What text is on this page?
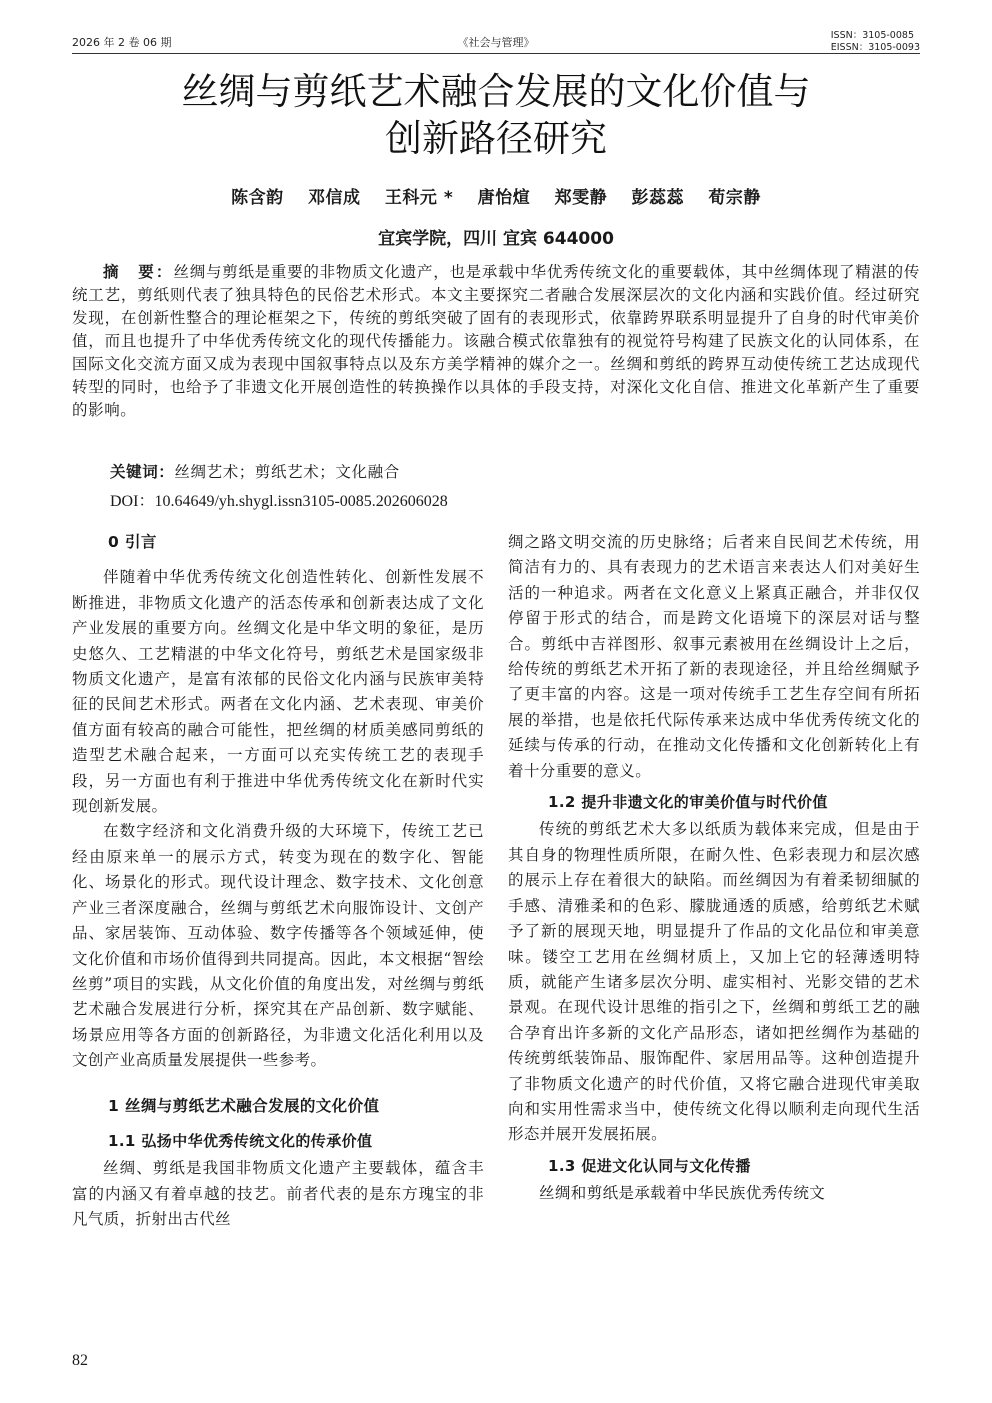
2026 年 2 卷 06 期	《社会与管理》
ISSN：3105-0085
EISSN：3105-0093
丝绸与剪纸艺术融合发展的文化价值与
创新路径研究
陈含韵 邓信成 王科元 * 唐怡煊 郑雯静 彭蕊蕊 荀宗静
宜宾学院，四川 宜宾 644000
摘　要：丝绸与剪纸是重要的非物质文化遗产，也是承载中华优秀传统文化的重要载体，其中丝绸体现了精湛的传统工艺，剪纸则代表了独具特色的民俗艺术形式。本文主要探究二者融合发展深层次的文化内涵和实践价值。经过研究发现，在创新性整合的理论框架之下，传统的剪纸突破了固有的表现形式，依靠跨界联系明显提升了自身的时代审美价值，而且也提升了中华优秀传统文化的现代传播能力。该融合模式依靠独有的视觉符号构建了民族文化的认同体系，在国际文化交流方面又成为表现中国叙事特点以及东方美学精神的媒介之一。丝绸和剪纸的跨界互动使传统工艺达成现代转型的同时，也给予了非遗文化开展创造性的转换操作以具体的手段支持，对深化文化自信、推进文化革新产生了重要的影响。
关键词：丝绸艺术；剪纸艺术；文化融合
DOI：10.64649/yh.shygl.issn3105-0085.202606028
0 引言

伴随着中华优秀传统文化创造性转化、创新性发展不断推进，非物质文化遗产的活态传承和创新表达成了文化产业发展的重要方向。丝绸文化是中华文明的象征，是历史悠久、工艺精湛的中华文化符号，剪纸艺术是国家级非物质文化遗产，是富有浓郁的民俗文化内涵与民族审美特征的民间艺术形式。两者在文化内涵、艺术表现、审美价值方面有较高的融合可能性，把丝绸的材质美感同剪纸的造型艺术融合起来，一方面可以充实传统工艺的表现手段，另一方面也有利于推进中华优秀传统文化在新时代实现创新发展。

在数字经济和文化消费升级的大环境下，传统工艺已经由原来单一的展示方式，转变为现在的数字化、智能化、场景化的形式。现代设计理念、数字技术、文化创意产业三者深度融合，丝绸与剪纸艺术向服饰设计、文创产品、家居装饰、互动体验、数字传播等各个领域延伸，使文化价值和市场价值得到共同提高。因此，本文根据“智绘丝剪”项目的实践，从文化价值的角度出发，对丝绸与剪纸艺术融合发展进行分析，探究其在产品创新、数字赋能、场景应用等各方面的创新路径，为非遗文化活化利用以及文创产业高质量发展提供一些参考。

1 丝绸与剪纸艺术融合发展的文化价值
1.1 弘扬中华优秀传统文化的传承价值

丝绸、剪纸是我国非物质文化遗产主要载体，蕴含丰富的内涵又有着卓越的技艺。前者代表的是东方瑰宝的非凡气质，折射出古代丝

绸之路文明交流的历史脉络；后者来自民间艺术传统，用简洁有力的、具有表现力的艺术语言来表达人们对美好生活的一种追求。两者在文化意义上紧真正融合，并非仅仅停留于形式的结合，而是跨文化语境下的深层对话与整合。剪纸中吉祥图形、叙事元素被用在丝绸设计上之后，给传统的剪纸艺术开拓了新的表现途径，并且给丝绸赋予了更丰富的内容。这是一项对传统手工艺生存空间有所拓展的举措，也是依托代际传承来达成中华优秀传统文化的延续与传承的行动，在推动文化传播和文化创新转化上有着十分重要的意义。

1.2 提升非遗文化的审美价值与时代价值

传统的剪纸艺术大多以纸质为载体来完成，但是由于其自身的物理性质所限，在耐久性、色彩表现力和层次感的展示上存在着很大的缺陷。而丝绸因为有着柔韧细腻的手感、清雅柔和的色彩、朦胧通透的质感，给剪纸艺术赋予了新的展现天地，明显提升了作品的文化品位和审美意味。镂空工艺用在丝绸材质上，又加上它的轻薄透明特质，就能产生诸多层次分明、虚实相衬、光影交错的艺术景观。在现代设计思维的指引之下，丝绸和剪纸工艺的融合孕育出许多新的文化产品形态，诸如把丝绸作为基础的传统剪纸装饰品、服饰配件、家居用品等。这种创造提升了非物质文化遗产的时代价值，又将它融合进现代审美取向和实用性需求当中，使传统文化得以顺利走向现代生活形态并展开发展拓展。

1.3 促进文化认同与文化传播

丝绸和剪纸是承载着中华民族优秀传统文

82
